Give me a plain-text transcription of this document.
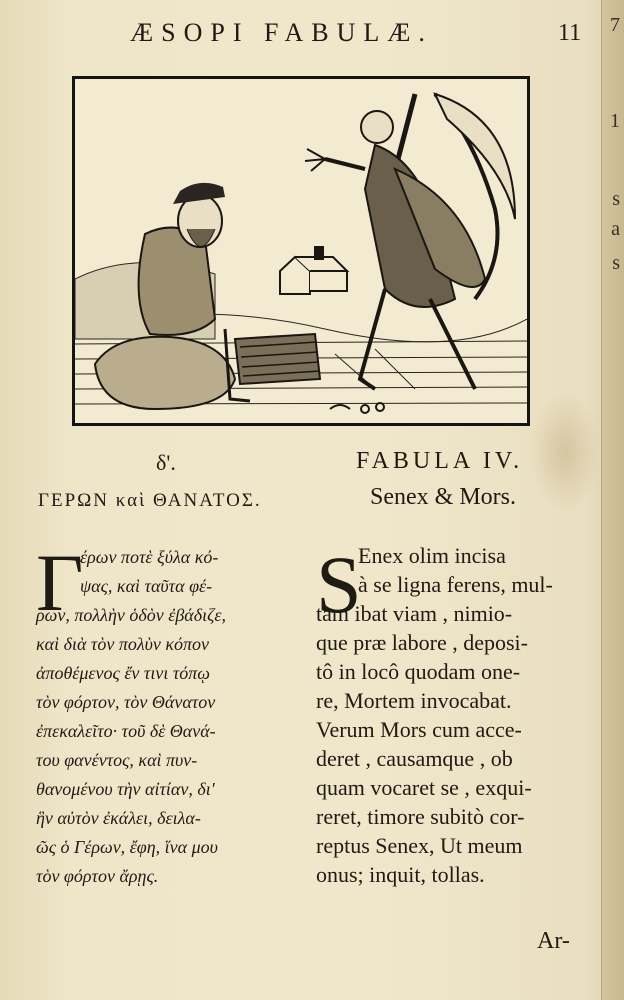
7
1
s
a
s
ÆSOPI FABULÆ.	11
δ'.
ΓΕΡΩΝ καὶ ΘΑΝΑΤΟΣ.
FABULA IV.
Senex & Mors.
Γ
έρων ποτὲ ξύλα κό-
ψας, καὶ ταῦτα φέ-
ρων, πολλὴν ὁδὸν ἐβάδιζε,
καὶ διὰ τὸν πολὺν κόπον
ἀποθέμενος ἔν τινι τόπῳ
τὸν φόρτον, τὸν Θάνατον
ἐπεκαλεῖτο· τοῦ δὲ Θανά-
του φανέντος, καὶ πυν-
θανομένου τὴν αἰτίαν, δι'
ἣν αὐτὸν ἐκάλει, δειλα-
ῶς ὁ Γέρων, ἔφη, ἵνα μου
τὸν φόρτον ἄρῃς.
S
Enex olim incisa
à se ligna ferens, mul-
tam ibat viam , nimio-
que præ labore , deposi-
tô in locô quodam one-
re, Mortem invocabat.
Verum Mors cum acce-
deret , causamque , ob
quam vocaret se , exqui-
reret, timore subitò cor-
reptus Senex, Ut meum
onus; inquit, tollas.
Ar-
